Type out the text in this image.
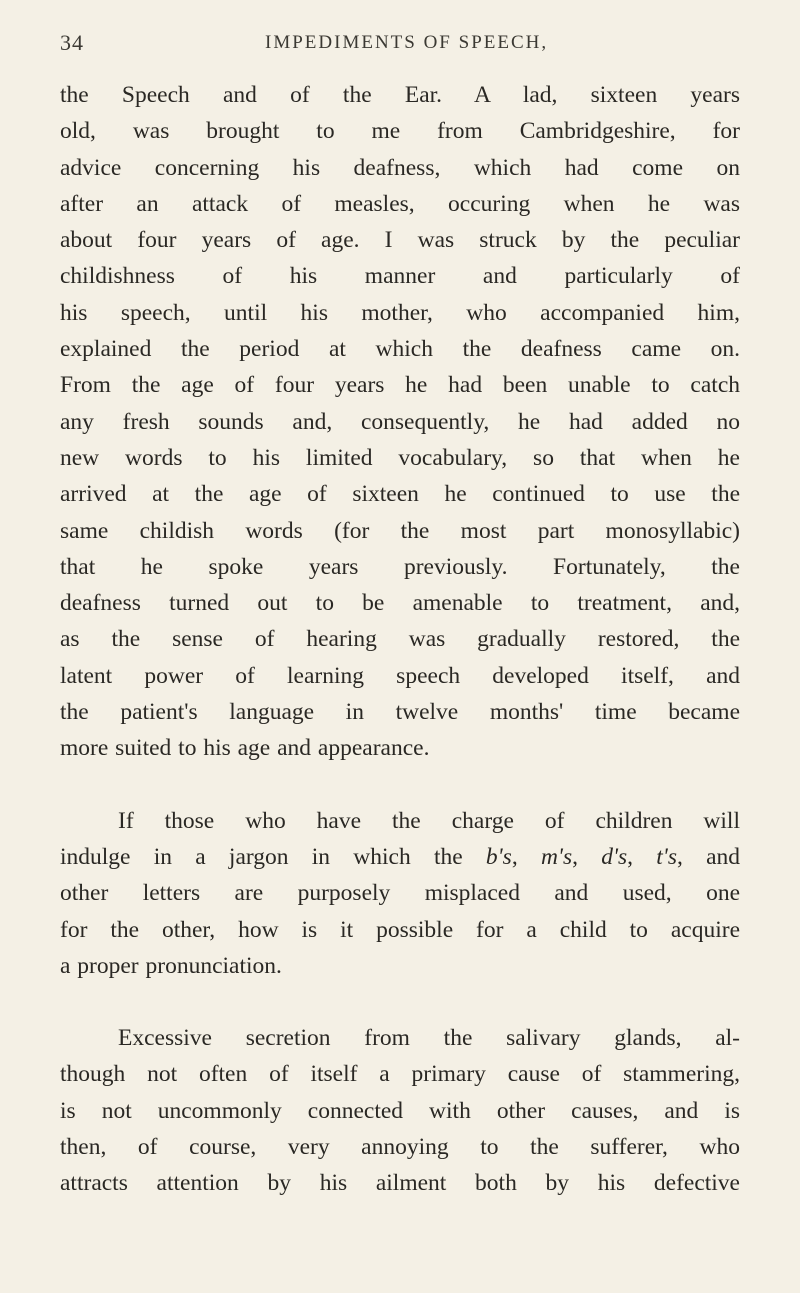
34	IMPEDIMENTS OF SPEECH,
the Speech and of the Ear. A lad, sixteen years
old, was brought to me from Cambridgeshire, for
advice concerning his deafness, which had come on
after an attack of measles, occuring when he was
about four years of age. I was struck by the peculiar
childishness of his manner and particularly of
his speech, until his mother, who accompanied him,
explained the period at which the deafness came on.
From the age of four years he had been unable to catch
any fresh sounds and, consequently, he had added no
new words to his limited vocabulary, so that when he
arrived at the age of sixteen he continued to use the
same childish words (for the most part monosyllabic)
that he spoke years previously. Fortunately, the
deafness turned out to be amenable to treatment, and,
as the sense of hearing was gradually restored, the
latent power of learning speech developed itself, and
the patient's language in twelve months' time became
more suited to his age and appearance.
If those who have the charge of children will
indulge in a jargon in which the b's, m's, d's, t's, and
other letters are purposely misplaced and used, one
for the other, how is it possible for a child to acquire
a proper pronunciation.
Excessive secretion from the salivary glands, al-
though not often of itself a primary cause of stammering,
is not uncommonly connected with other causes, and is
then, of course, very annoying to the sufferer, who
attracts attention by his ailment both by his defective
